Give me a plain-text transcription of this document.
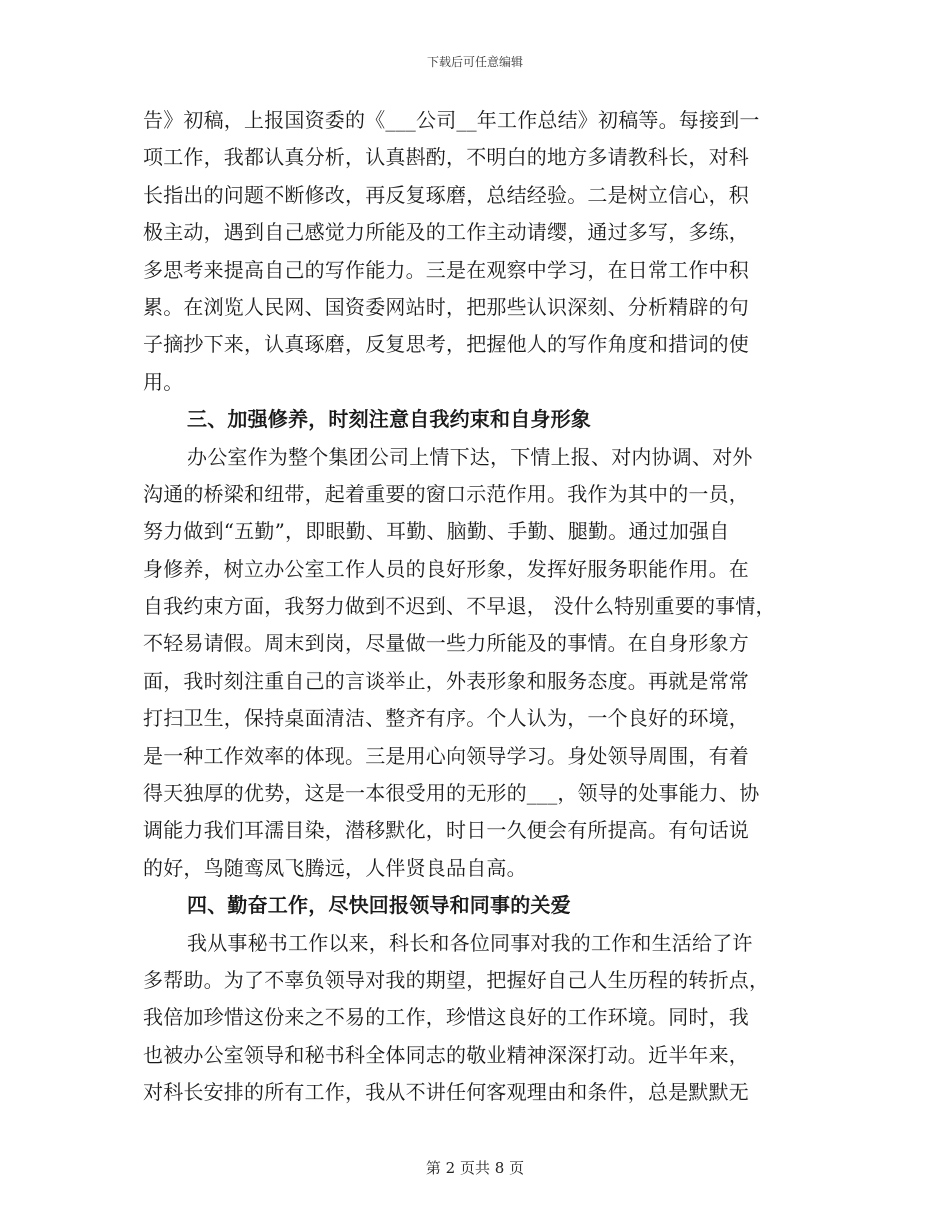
下载后可任意编辑
告》初稿，上报国资委的《___公司__年工作总结》初稿等。每接到一
项工作，我都认真分析，认真斟酌，不明白的地方多请教科长，对科
长指出的问题不断修改，再反复琢磨，总结经验。二是树立信心，积
极主动，遇到自己感觉力所能及的工作主动请缨，通过多写，多练，
多思考来提高自己的写作能力。三是在观察中学习，在日常工作中积
累。在浏览人民网、国资委网站时，把那些认识深刻、分析精辟的句
子摘抄下来，认真琢磨，反复思考，把握他人的写作角度和措词的使
用。
三、加强修养，时刻注意自我约束和自身形象
办公室作为整个集团公司上情下达，下情上报、对内协调、对外
沟通的桥梁和纽带，起着重要的窗口示范作用。我作为其中的一员，
努力做到“五勤”，即眼勤、耳勤、脑勤、手勤、腿勤。通过加强自
身修养，树立办公室工作人员的良好形象，发挥好服务职能作用。在
自我约束方面，我努力做到不迟到、不早退， 没什么特别重要的事情，
不轻易请假。周末到岗，尽量做一些力所能及的事情。在自身形象方
面，我时刻注重自己的言谈举止，外表形象和服务态度。再就是常常
打扫卫生，保持桌面清洁、整齐有序。个人认为，一个良好的环境，
是一种工作效率的体现。三是用心向领导学习。身处领导周围，有着
得天独厚的优势，这是一本很受用的无形的___，领导的处事能力、协
调能力我们耳濡目染，潜移默化，时日一久便会有所提高。有句话说
的好，鸟随鸾凤飞腾远，人伴贤良品自高。
四、勤奋工作，尽快回报领导和同事的关爱
我从事秘书工作以来，科长和各位同事对我的工作和生活给了许
多帮助。为了不辜负领导对我的期望，把握好自己人生历程的转折点，
我倍加珍惜这份来之不易的工作，珍惜这良好的工作环境。同时，我
也被办公室领导和秘书科全体同志的敬业精神深深打动。近半年来，
对科长安排的所有工作，我从不讲任何客观理由和条件，总是默默无
第 2 页共 8 页
